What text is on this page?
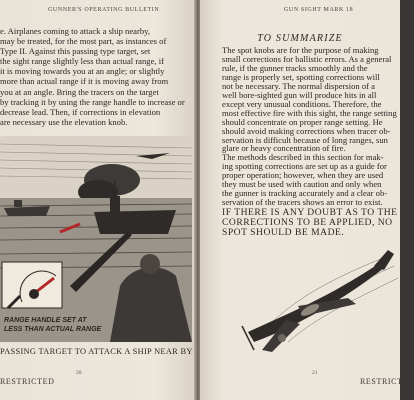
GUNNER'S OPERATING BULLETIN
e. Airplanes coming to attack a ship nearby,
may be treated, for the most part, as instances of
Type II. Against this passing type target, set
the sight range slightly less than actual range, if
it is moving towards you at an angle; or slightly
more than actual range if it is moving away from
you at an angle. Bring the tracers on the target
by tracking it by using the range handle to increase or
decrease lead. Then, if corrections in elevation
are necessary use the elevation knob.
RANGE HANDLE SET AT
LESS THAN ACTUAL RANGE
PASSING TARGET TO ATTACK A SHIP NEAR BY
20
RESTRICTED
GUN SIGHT MARK 18
21
RESTRICTED
TO SUMMARIZE
The spot knobs are for the purpose of making
small corrections for ballistic errors. As a general
rule, if the gunner tracks smoothly and the
range is properly set, spotting corrections will
not be necessary. The normal dispersion of a
well bore-sighted gun will produce hits in all
except very unusual conditions. Therefore, the
most effective fire with this sight, the range setting
should concentrate on proper range setting. He
should avoid making corrections when tracer ob-
servation is difficult because of long ranges, sun
glare or heavy concentration of fire.
The methods described in this section for mak-
ing spotting corrections are set up as a guide for
proper operation; however, when they are used
they must be used with caution and only when
the gunner is tracking accurately and a clear ob-
servation of the tracers shows an error to exist.
IF THERE IS ANY DOUBT AS TO THE
CORRECTIONS TO BE APPLIED, NO
SPOT SHOULD BE MADE.
